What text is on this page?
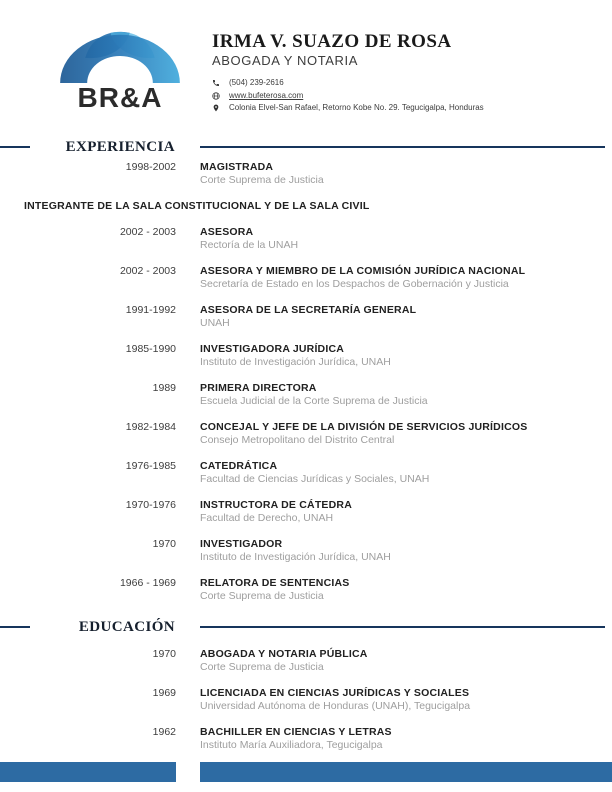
BR&A
IRMA V. SUAZO DE ROSA
ABOGADA Y NOTARIA
(504) 239-2616
www.bufeterosa.com
Colonia Elvel-San Rafael, Retorno Kobe No. 29. Tegucigalpa, Honduras
EXPERIENCIA
1998-2002 MAGISTRADA
Corte Suprema de Justicia
INTEGRANTE DE LA SALA CONSTITUCIONAL Y DE LA SALA CIVIL
2002 - 2003 ASESORA
Rectoría de la UNAH
2002 - 2003 ASESORA Y MIEMBRO DE LA COMISIÓN JURÍDICA NACIONAL
Secretaría de Estado en los Despachos de Gobernación y Justicia
1991-1992 ASESORA DE LA SECRETARÍA GENERAL
UNAH
1985-1990 INVESTIGADORA JURÍDICA
Instituto de Investigación Jurídica, UNAH
1989 PRIMERA DIRECTORA
Escuela Judicial de la Corte Suprema de Justicia
1982-1984 CONCEJAL Y JEFE DE LA DIVISIÓN DE SERVICIOS JURÍDICOS
Consejo Metropolitano del Distrito Central
1976-1985 CATEDRÁTICA
Facultad de Ciencias Jurídicas y Sociales, UNAH
1970-1976 INSTRUCTORA DE CÁTEDRA
Facultad de Derecho, UNAH
1970 INVESTIGADOR
Instituto de Investigación Jurídica, UNAH
1966 - 1969 RELATORA DE SENTENCIAS
Corte Suprema de Justicia
EDUCACIÓN
1970 ABOGADA Y NOTARIA PÚBLICA
Corte Suprema de Justicia
1969 LICENCIADA EN CIENCIAS JURÍDICAS Y SOCIALES
Universidad Autónoma de Honduras (UNAH), Tegucigalpa
1962 BACHILLER EN CIENCIAS Y LETRAS
Instituto María Auxiliadora, Tegucigalpa
